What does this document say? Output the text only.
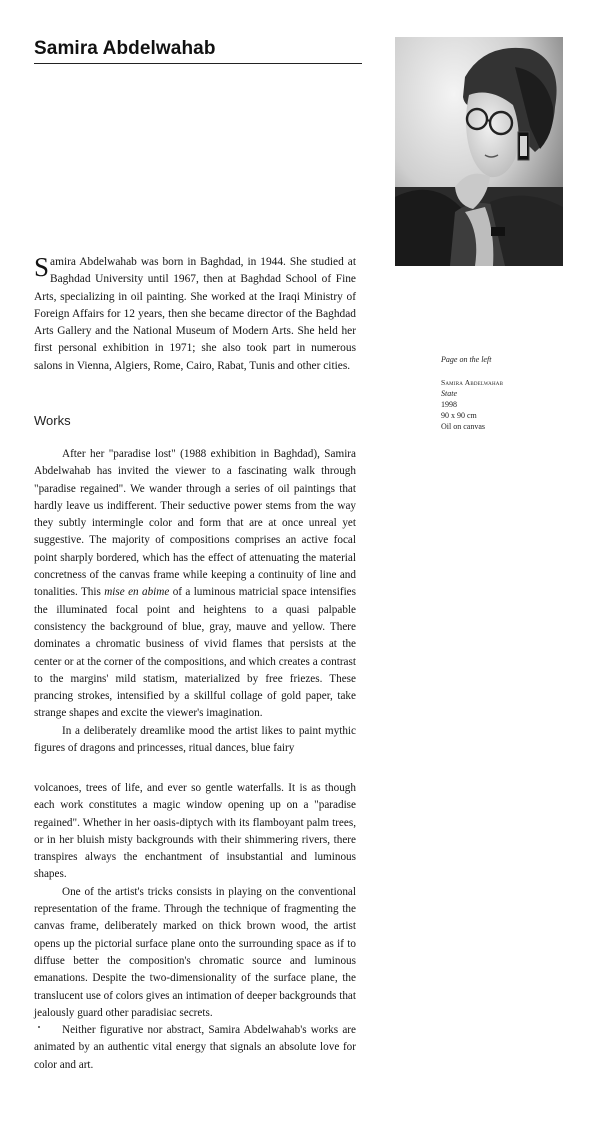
Samira Abdelwahab

Samira Abdelwahab was born in Baghdad, in 1944. She studied at Baghdad University until 1967, then at Baghdad School of Fine Arts, specializing in oil painting. She worked at the Iraqi Ministry of Foreign Affairs for 12 years, then she became director of the Baghdad Arts Gallery and the National Museum of Modern Arts. She held her first personal exhibition in 1971; she also took part in numerous salons in Vienna, Algiers, Rome, Cairo, Rabat, Tunis and other cities.

Works

After her "paradise lost" (1988 exhibition in Baghdad), Samira Abdelwahab has invited the viewer to a fascinating walk through "paradise regained". We wander through a series of oil paintings that hardly leave us indifferent. Their seductive power stems from the way they subtly intermingle color and form that are at once unreal yet suggestive. The majority of compositions comprises an active focal point sharply bordered, which has the effect of attenuating the material concretness of the canvas frame while keeping a continuity of line and tonalities. This mise en abime of a luminous matricial space intensifies the illuminated focal point and heightens to a quasi palpable consistency the background of blue, gray, mauve and yellow. There dominates a chromatic business of vivid flames that persists at the center or at the corner of the compositions, and which creates a contrast to the margins' mild statism, materialized by free friezes. These prancing strokes, intensified by a skillful collage of gold paper, take strange shapes and excite the viewer's imagination.

In a deliberately dreamlike mood the artist likes to paint mythic figures of dragons and princesses, ritual dances, blue fairy

volcanoes, trees of life, and ever so gentle waterfalls. It is as though each work constitutes a magic window opening up on a "paradise regained". Whether in her oasis-diptych with its flamboyant palm trees, or in her bluish misty backgrounds with their shimmering rivers, there transpires always the enchantment of insubstantial and luminous shapes.

One of the artist's tricks consists in playing on the conventional representation of the frame. Through the technique of fragmenting the canvas frame, deliberately marked on thick brown wood, the artist opens up the pictorial surface plane onto the surrounding space as if to diffuse better the composition's chromatic source and luminous emanations. Despite the two-dimensionality of the surface plane, the translucent use of colors gives an intimation of deeper backgrounds that jealously guard other paradisiac secrets.

Neither figurative nor abstract, Samira Abdelwahab's works are animated by an authentic vital energy that signals an absolute love for color and art.

Page on the left
Samira Abdelwahab
State
1998
90 x 90 cm
Oil on canvas
